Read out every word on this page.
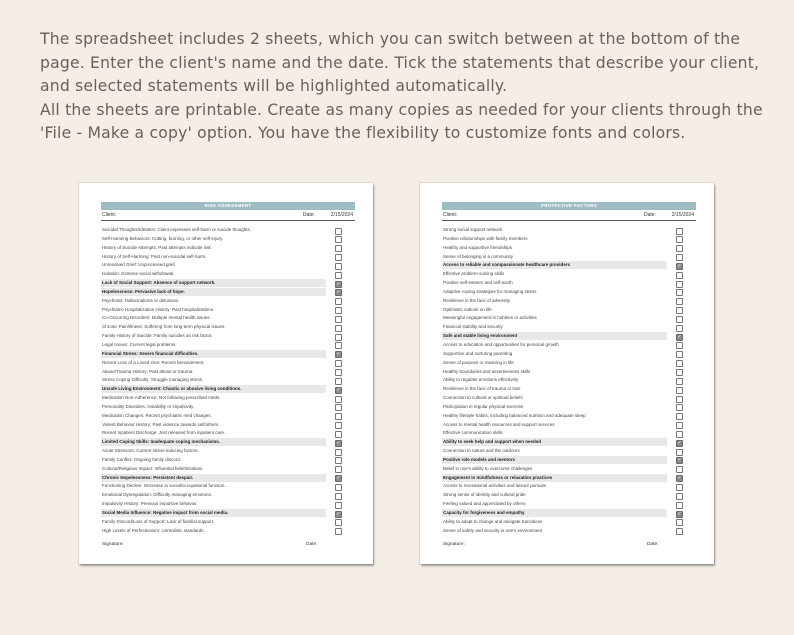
The spreadsheet includes 2 sheets, which you can switch between at the bottom of the page. Enter the client's name and the date. Tick the statements that describe your client, and selected statements will be highlighted automatically.

All the sheets are printable. Create as many copies as needed for your clients through the 'File - Make a copy' option. You have the flexibility to customize fonts and colors.

RISK ASSESSMENT
Client:	Date:	2/15/2024
Suicidal Thoughts/Ideation: Client expresses self-harm or suicide thoughts.
Self-Harming Behaviors: Cutting, burning, or other self-injury.
History of Suicide Attempts: Past attempts indicate risk.
History of Self-Harming: Past non-suicidal self-harm.
Unresolved Grief: Unprocessed grief.
Isolation: Extreme social withdrawal.
Lack of Social Support: Absence of support network.	✓
Hopelessness: Pervasive lack of hope.	✓
Psychosis: Hallucinations or delusions.
Psychiatric Hospitalization History: Past hospitalizations.
Co-Occurring Disorders: Multiple mental health issues.
Chronic Pain/Illness: Suffering from long-term physical issues.
Family History of Suicide: Family suicides as risk factor.
Legal Issues: Current legal problems.
Financial Stress: Severe financial difficulties.	✓
Recent Loss of a Loved One: Recent bereavement.
Abuse/Trauma History: Past abuse or trauma.
Stress Coping Difficulty: Struggle managing stress.
Unsafe Living Environment: Chaotic or abusive living conditions.	✓
Medication Non-Adherence: Not following prescribed meds.
Personality Disorders: Instability or impulsivity.
Medication Changes: Recent psychiatric med changes.
Violent Behavior History: Past violence towards self/others.
Recent Inpatient Discharge: Just released from inpatient care.
Limited Coping Skills: Inadequate coping mechanisms.	✓
Acute Stressors: Current stress-inducing factors.
Family Conflict: Ongoing family discord.
Cultural/Religious Impact: Influential beliefs/values.
Chronic Hopelessness: Persistent despair.	✓
Functioning Decline: Decrease in social/occupational function.
Emotional Dysregulation: Difficulty managing emotions.
Impulsivity History: Previous impulsive behavior.
Social Media Influence: Negative impact from social media.	✓
Family Discord/Loss of Support: Lack of familial support.
High Levels of Perfectionism: Unrealistic standards.
Signature:	Date:
PROTECTIVE FACTORS
Client:	Date:	2/15/2024
Strong social support network
Positive relationships with family members
Healthy and supportive friendships
Sense of belonging in a community
Access to reliable and compassionate healthcare providers	✓
Effective problem-solving skills
Positive self-esteem and self-worth
Adaptive coping strategies for managing stress
Resilience in the face of adversity
Optimistic outlook on life
Meaningful engagement in hobbies or activities
Financial stability and security
Safe and stable living environment	✓
Access to education and opportunities for personal growth
Supportive and nurturing parenting
Sense of purpose or meaning in life
Healthy boundaries and assertiveness skills
Ability to regulate emotions effectively
Resilience in the face of trauma or loss
Connection to cultural or spiritual beliefs
Participation in regular physical exercise
Healthy lifestyle habits, including balanced nutrition and adequate sleep
Access to mental health resources and support services
Effective communication skills
Ability to seek help and support when needed	✓
Connection to nature and the outdoors
Positive role models and mentors	✓
Belief in one's ability to overcome challenges
Engagement in mindfulness or relaxation practices	✓
Access to recreational activities and leisure pursuits
Strong sense of identity and cultural pride
Feeling valued and appreciated by others
Capacity for forgiveness and empathy	✓
Ability to adapt to change and navigate transitions
Sense of safety and security in one's environment
Signature:	Date:
